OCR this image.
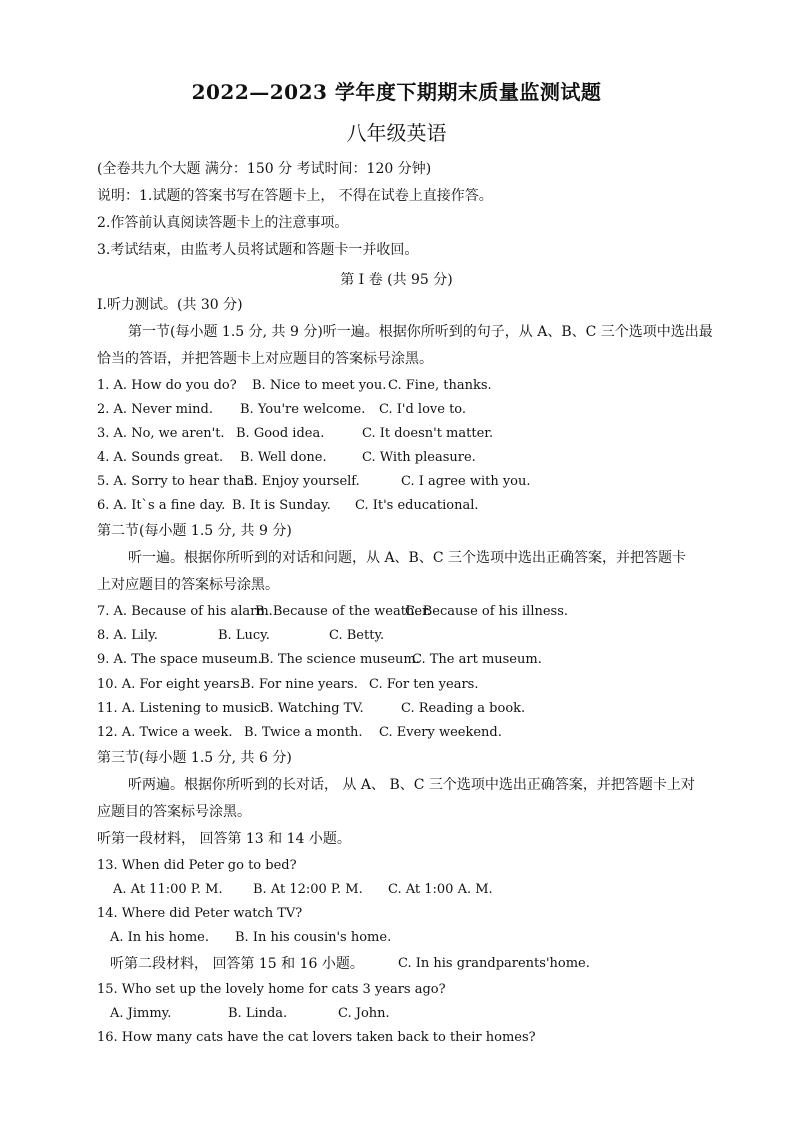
2022—2023 学年度下期期末质量监测试题
八年级英语
(全卷共九个大题 满分：150 分 考试时间：120 分钟)
说明：1.试题的答案书写在答题卡上， 不得在试卷上直接作答。
2.作答前认真阅读答题卡上的注意事项。
3.考试结束，由监考人员将试题和答题卡一并收回。
第 I 卷 (共 95 分)
I.听力测试。(共 30 分)
第一节(每小题 1.5 分, 共 9 分)听一遍。根据你所听到的句子，从 A、B、C 三个选项中选出最
恰当的答语，并把答题卡上对应题目的答案标号涂黑。
1. A. How do you do? B. Nice to meet you. C. Fine, thanks.
2. A. Never mind. B. You're welcome. C. I'd love to.
3. A. No, we aren't. B. Good idea.	C. It doesn't matter.
4. A. Sounds great. B. Well done.	C. With pleasure.
5. A. Sorry to hear that.
B. Enjoy yourself.	C. I agree with you.
6. A. It`s a fine day. B. It is Sunday. C. It's educational.
第二节(每小题 1.5 分, 共 9 分)
听一遍。根据你所听到的对话和问题，从 A、B、C 三个选项中选出正确答案，并把答题卡
上对应题目的答案标号涂黑。
7. A. Because of his alarm.
B. Because of the weather.
C. Because of his illness.
8. A. Lily.	B. Lucy.	C. Betty.
9. A. The space museum.
B. The science museum.
C. The art museum.
10. A. For eight years.
B. For nine years. C. For ten years.
11. A. Listening to music.
B. Watching TV.	C. Reading a book.
12. A. Twice a week. B. Twice a month. C. Every weekend.
第三节(每小题 1.5 分, 共 6 分)
听两遍。根据你所听到的长对话， 从 A、 B、C 三个选项中选出正确答案，并把答题卡上对
应题目的答案标号涂黑。
听第一段材料， 回答第 13 和 14 小题。
13. When did Peter go to bed?
A. At 11:00 P. M. B. At 12:00 P. M. C. At 1:00 A. M.
14. Where did Peter watch TV?
A. In his home. B. In his cousin's home.
听第二段材料， 回答第 15 和 16 小题。	C. In his grandparents'home.
15. Who set up the lovely home for cats 3 years ago?
A. Jimmy.	B. Linda.	C. John.
16. How many cats have the cat lovers taken back to their homes?
